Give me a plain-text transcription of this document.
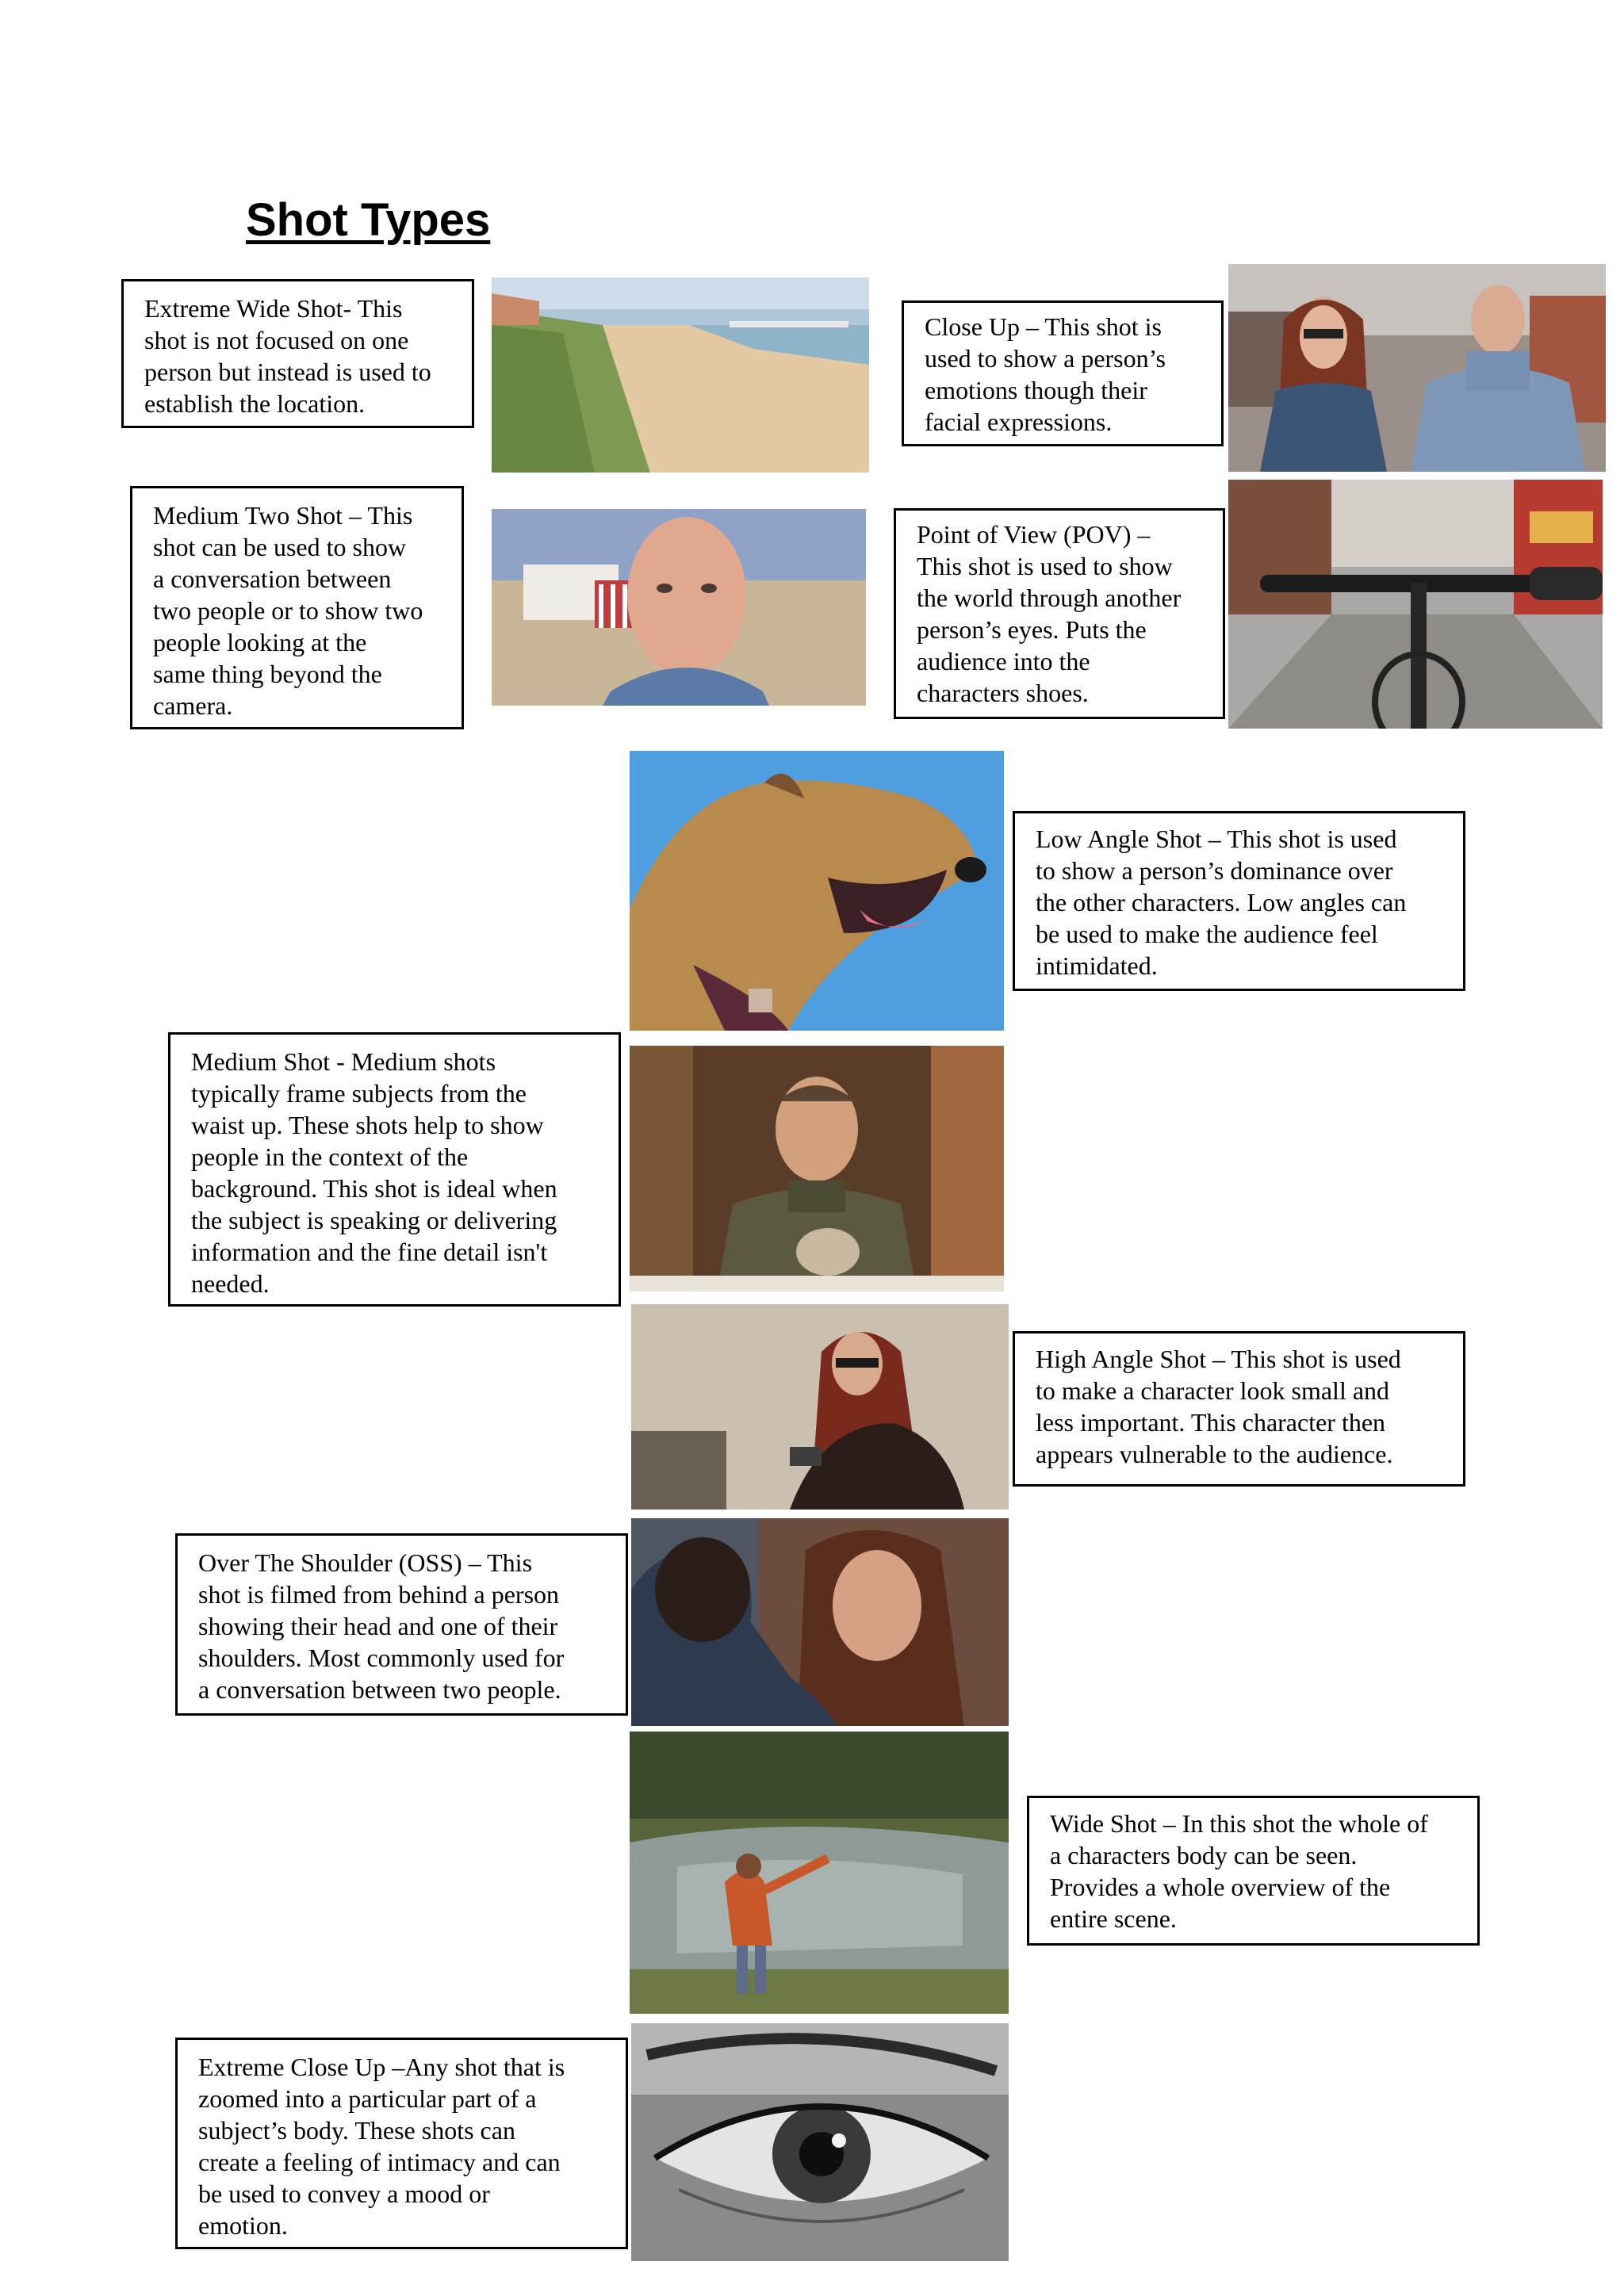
Shot Types
Extreme Wide Shot- This
shot is not focused on one
person but instead is used to
establish the location.
Close Up – This shot is
used to show a person’s
emotions though their
facial expressions.
Medium Two Shot – This
shot can be used to show
a conversation between
two people or to show two
people looking at the
same thing beyond the
camera.
Point of View (POV) –
This shot is used to show
the world through another
person’s eyes. Puts the
audience into the
characters shoes.
Low Angle Shot – This shot is used
to show a person’s dominance over
the other characters. Low angles can
be used to make the audience feel
intimidated.
Medium Shot - Medium shots
typically frame subjects from the
waist up. These shots help to show
people in the context of the
background. This shot is ideal when
the subject is speaking or delivering
information and the fine detail isn't
needed.
High Angle Shot – This shot is used
to make a character look small and
less important. This character then
appears vulnerable to the audience.
Over The Shoulder (OSS) – This
shot is filmed from behind a person
showing their head and one of their
shoulders. Most commonly used for
a conversation between two people.
Wide Shot – In this shot the whole of
a characters body can be seen.
Provides a whole overview of the
entire scene.
Extreme Close Up –Any shot that is
zoomed into a particular part of a
subject’s body. These shots can
create a feeling of intimacy and can
be used to convey a mood or
emotion.
